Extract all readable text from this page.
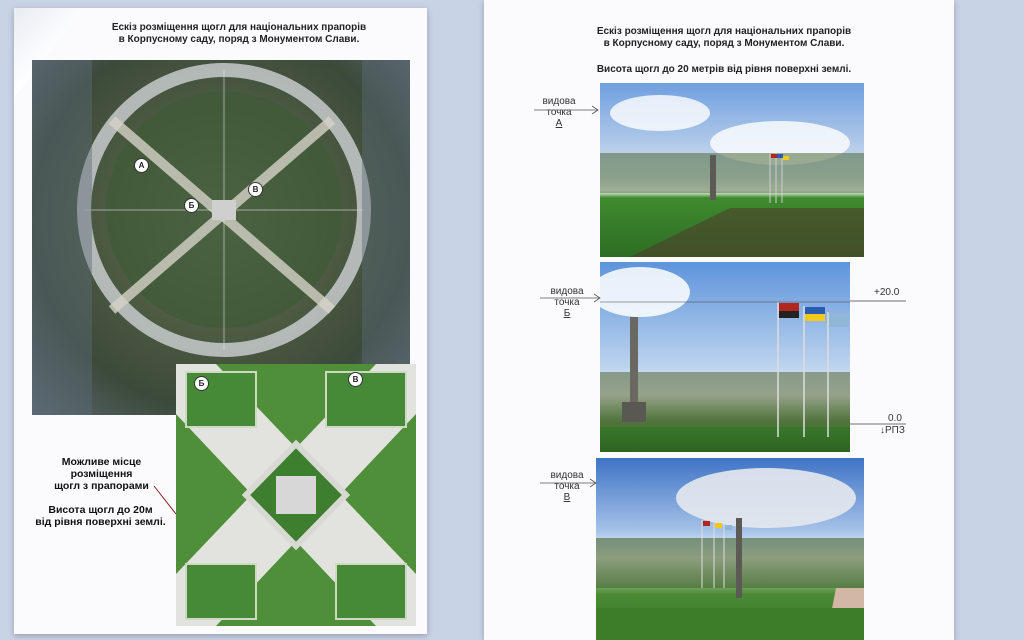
Ескіз розміщення щогл для національних прапорів
в Корпусному саду, поряд з Монументом Слави.
А
Б
В
Б	В
Можливе місце
розміщення
щогл з прапорами
Висота щогл до 20м
від рівня поверхні землі.
Ескіз розміщення щогл для національних прапорів
в Корпусному саду, поряд з Монументом Слави.
Висота щогл до 20 метрів від рівня поверхні землі.
видова
точка
А
видова
точка
Б
видова
точка
В
+20.0
0.0
↓РПЗ
